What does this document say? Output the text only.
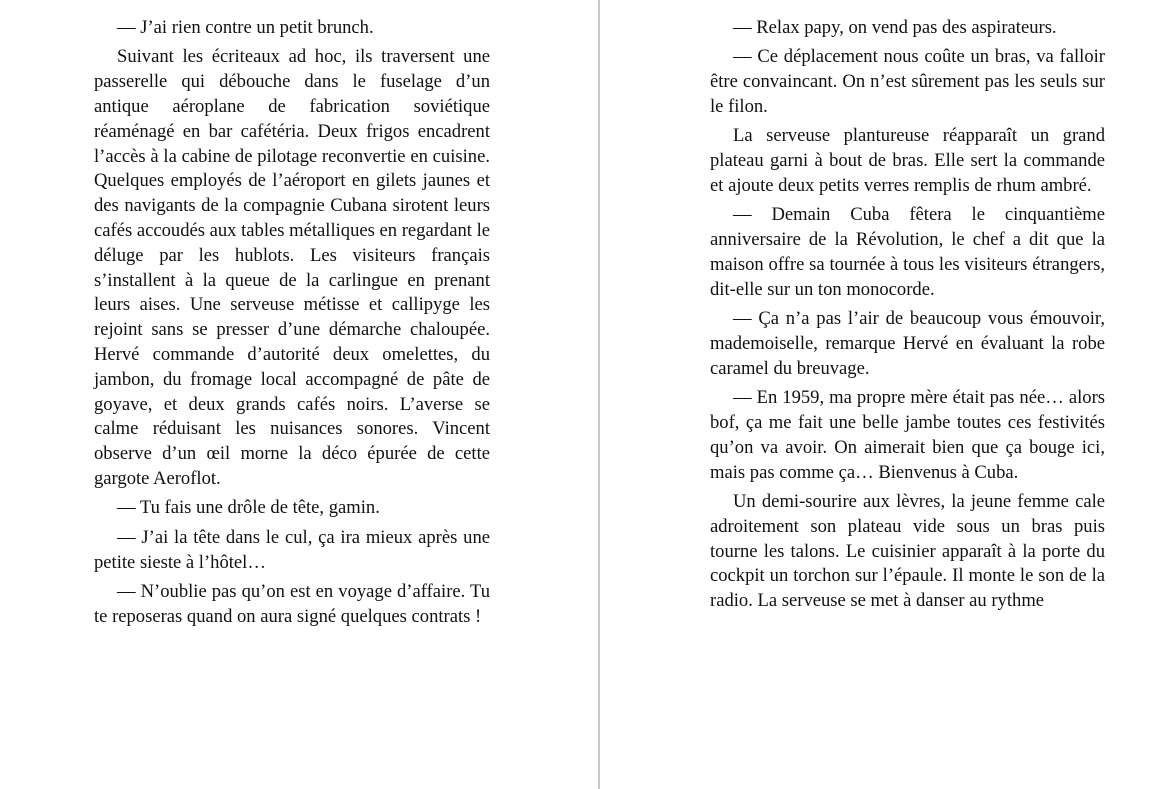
— J’ai rien contre un petit brunch.

Suivant les écriteaux ad hoc, ils traversent une passerelle qui débouche dans le fuselage d’un antique aéroplane de fabrication soviétique réaménagé en bar cafétéria. Deux frigos encadrent l’accès à la cabine de pilotage reconvertie en cuisine. Quelques employés de l’aéroport en gilets jaunes et des navigants de la compagnie Cubana sirotent leurs cafés accoudés aux tables métalliques en regardant le déluge par les hublots. Les visiteurs français s’installent à la queue de la carlingue en prenant leurs aises. Une serveuse métisse et callipyge les rejoint sans se presser d’une démarche chaloupée. Hervé commande d’autorité deux omelettes, du jambon, du fromage local accompagné de pâte de goyave, et deux grands cafés noirs. L’averse se calme réduisant les nuisances sonores. Vincent observe d’un œil morne la déco épurée de cette gargote Aeroflot.

— Tu fais une drôle de tête, gamin.

— J’ai la tête dans le cul, ça ira mieux après une petite sieste à l’hôtel…

— N’oublie pas qu’on est en voyage d’affaire. Tu te reposeras quand on aura signé quelques contrats !

— Relax papy, on vend pas des aspirateurs.

— Ce déplacement nous coûte un bras, va falloir être convaincant. On n’est sûrement pas les seuls sur le filon.

La serveuse plantureuse réapparaît un grand plateau garni à bout de bras. Elle sert la commande et ajoute deux petits verres remplis de rhum ambré.

— Demain Cuba fêtera le cinquantième anniversaire de la Révolution, le chef a dit que la maison offre sa tournée à tous les visiteurs étrangers, dit-elle sur un ton monocorde.

— Ça n’a pas l’air de beaucoup vous émouvoir, mademoiselle, remarque Hervé en évaluant la robe caramel du breuvage.

— En 1959, ma propre mère était pas née… alors bof, ça me fait une belle jambe toutes ces festivités qu’on va avoir. On aimerait bien que ça bouge ici, mais pas comme ça… Bienvenus à Cuba.

Un demi-sourire aux lèvres, la jeune femme cale adroitement son plateau vide sous un bras puis tourne les talons. Le cuisinier apparaît à la porte du cockpit un torchon sur l’épaule. Il monte le son de la radio. La serveuse se met à danser au rythme
